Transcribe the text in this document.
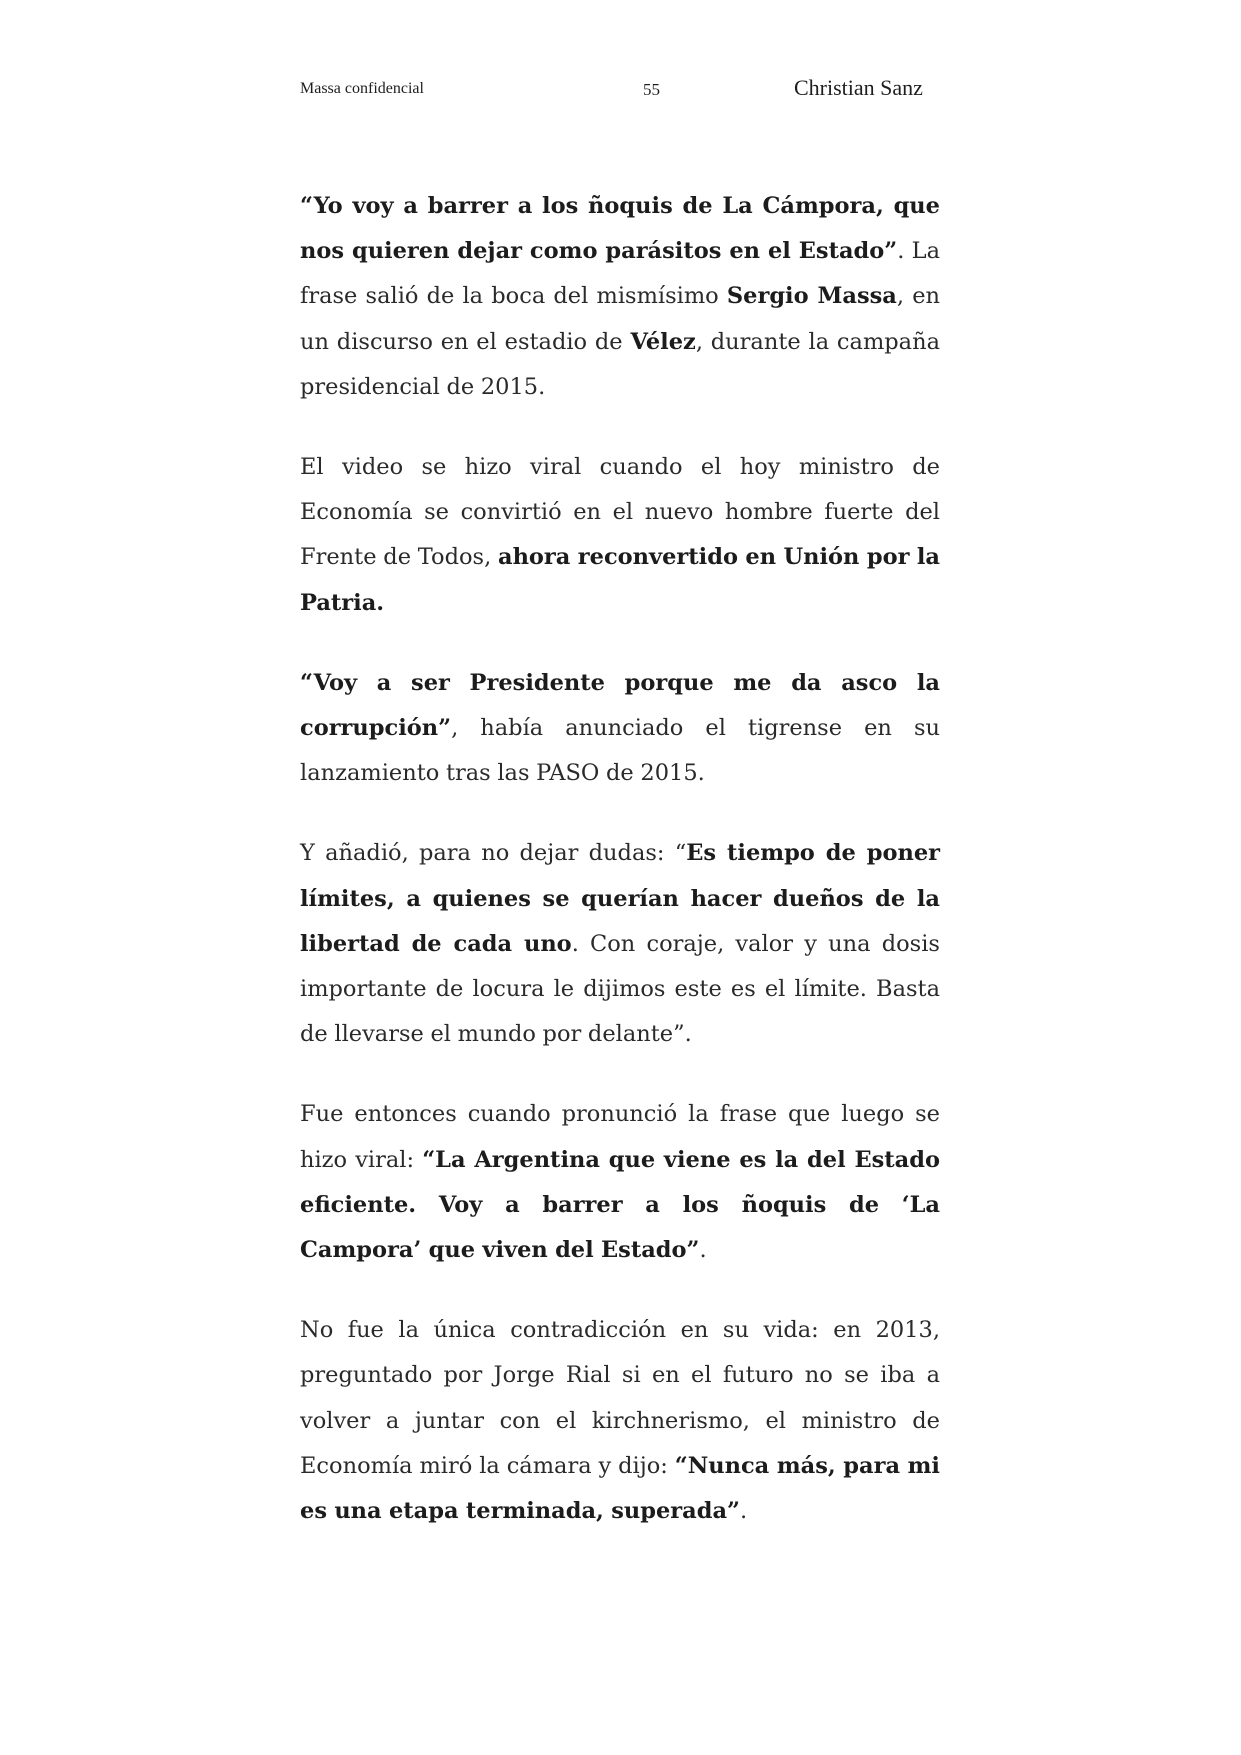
Massa confidencial	55	Christian Sanz

“Yo voy a barrer a los ñoquis de La Cámpora, que nos quieren dejar como parásitos en el Estado”. La frase salió de la boca del mismísimo Sergio Massa, en un discurso en el estadio de Vélez, durante la campaña presidencial de 2015.

El video se hizo viral cuando el hoy ministro de Economía se convirtió en el nuevo hombre fuerte del Frente de Todos, ahora reconvertido en Unión por la Patria.

“Voy a ser Presidente porque me da asco la corrupción”, había anunciado el tigrense en su lanzamiento tras las PASO de 2015.

Y añadió, para no dejar dudas: “Es tiempo de poner límites, a quienes se querían hacer dueños de la libertad de cada uno. Con coraje, valor y una dosis importante de locura le dijimos este es el límite. Basta de llevarse el mundo por delante”.

Fue entonces cuando pronunció la frase que luego se hizo viral: “La Argentina que viene es la del Estado eficiente. Voy a barrer a los ñoquis de ‘La Campora’ que viven del Estado”.

No fue la única contradicción en su vida: en 2013, preguntado por Jorge Rial si en el futuro no se iba a volver a juntar con el kirchnerismo, el ministro de Economía miró la cámara y dijo: “Nunca más, para mi es una etapa terminada, superada”.
